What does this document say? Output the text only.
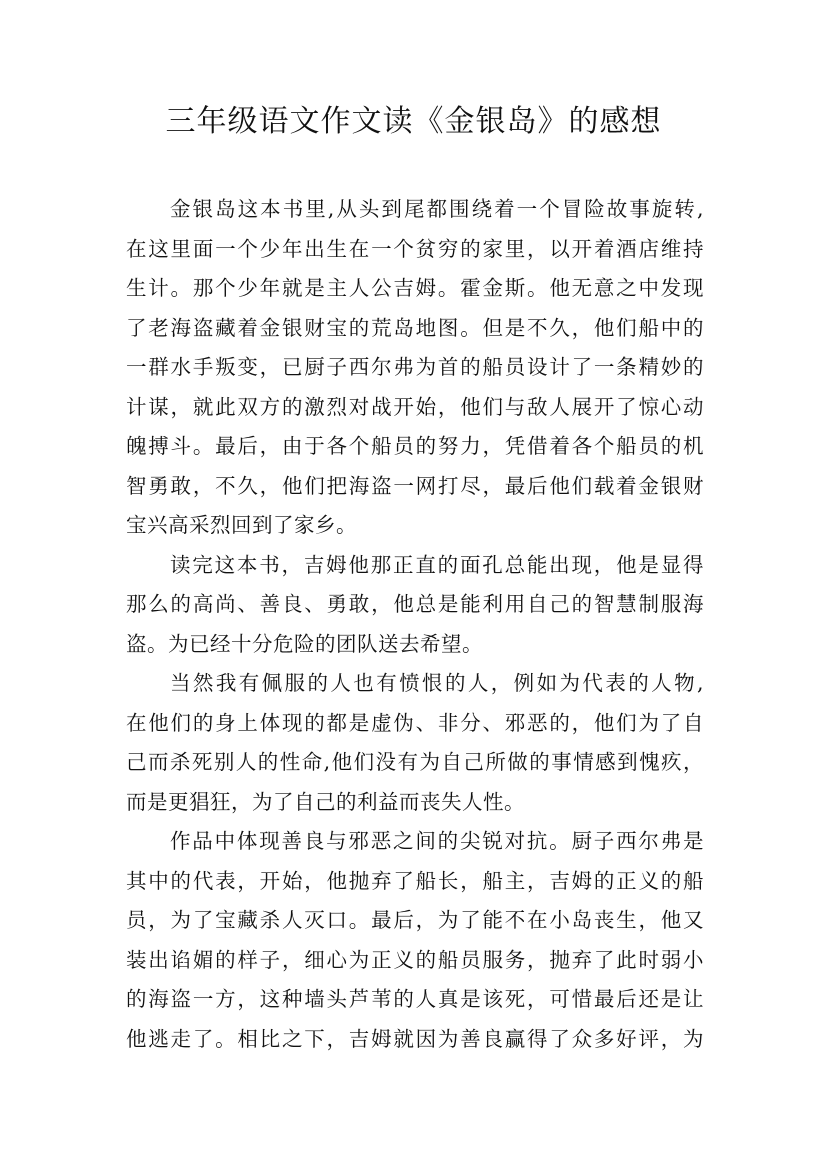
三年级语文作文读《金银岛》的感想
金银岛这本书里,从头到尾都围绕着一个冒险故事旋转,
在这里面一个少年出生在一个贫穷的家里，以开着酒店维持
生计。那个少年就是主人公吉姆。霍金斯。他无意之中发现
了老海盗藏着金银财宝的荒岛地图。但是不久，他们船中的
一群水手叛变，已厨子西尔弗为首的船员设计了一条精妙的
计谋，就此双方的激烈对战开始，他们与敌人展开了惊心动
魄搏斗。最后，由于各个船员的努力，凭借着各个船员的机
智勇敢，不久，他们把海盗一网打尽，最后他们载着金银财
宝兴高采烈回到了家乡。
读完这本书，吉姆他那正直的面孔总能出现，他是显得
那么的高尚、善良、勇敢，他总是能利用自己的智慧制服海
盗。为已经十分危险的团队送去希望。
当然我有佩服的人也有愤恨的人，例如为代表的人物,
在他们的身上体现的都是虚伪、非分、邪恶的，他们为了自
己而杀死别人的性命,他们没有为自己所做的事情感到愧疚，
而是更猖狂，为了自己的利益而丧失人性。
作品中体现善良与邪恶之间的尖锐对抗。厨子西尔弗是
其中的代表，开始，他抛弃了船长，船主，吉姆的正义的船
员，为了宝藏杀人灭口。最后，为了能不在小岛丧生，他又
装出谄媚的样子，细心为正义的船员服务，抛弃了此时弱小
的海盗一方，这种墙头芦苇的人真是该死，可惜最后还是让
他逃走了。相比之下，吉姆就因为善良赢得了众多好评，为
